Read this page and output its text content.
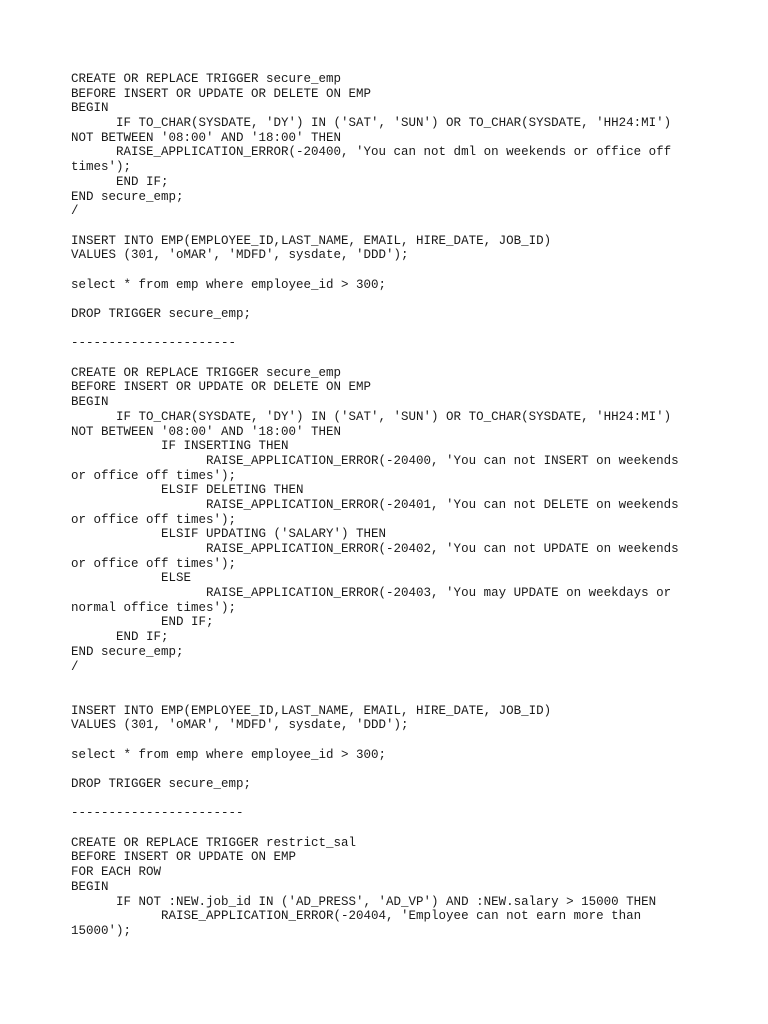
CREATE OR REPLACE TRIGGER secure_emp
BEFORE INSERT OR UPDATE OR DELETE ON EMP
BEGIN
IF TO_CHAR(SYSDATE, 'DY') IN ('SAT', 'SUN') OR TO_CHAR(SYSDATE, 'HH24:MI')
NOT BETWEEN '08:00' AND '18:00' THEN
RAISE_APPLICATION_ERROR(-20400, 'You can not dml on weekends or office off
times');
END IF;
END secure_emp;
/
INSERT INTO EMP(EMPLOYEE_ID,LAST_NAME, EMAIL, HIRE_DATE, JOB_ID)
VALUES (301, 'oMAR', 'MDFD', sysdate, 'DDD');
select * from emp where employee_id > 300;
DROP TRIGGER secure_emp;
----------------------
CREATE OR REPLACE TRIGGER secure_emp
BEFORE INSERT OR UPDATE OR DELETE ON EMP
BEGIN
IF TO_CHAR(SYSDATE, 'DY') IN ('SAT', 'SUN') OR TO_CHAR(SYSDATE, 'HH24:MI')
NOT BETWEEN '08:00' AND '18:00' THEN
IF INSERTING THEN
RAISE_APPLICATION_ERROR(-20400, 'You can not INSERT on weekends
or office off times');
ELSIF DELETING THEN
RAISE_APPLICATION_ERROR(-20401, 'You can not DELETE on weekends
or office off times');
ELSIF UPDATING ('SALARY') THEN
RAISE_APPLICATION_ERROR(-20402, 'You can not UPDATE on weekends
or office off times');
ELSE
RAISE_APPLICATION_ERROR(-20403, 'You may UPDATE on weekdays or
normal office times');
END IF;
END IF;
END secure_emp;
/
INSERT INTO EMP(EMPLOYEE_ID,LAST_NAME, EMAIL, HIRE_DATE, JOB_ID)
VALUES (301, 'oMAR', 'MDFD', sysdate, 'DDD');
select * from emp where employee_id > 300;
DROP TRIGGER secure_emp;
-----------------------
CREATE OR REPLACE TRIGGER restrict_sal
BEFORE INSERT OR UPDATE ON EMP
FOR EACH ROW
BEGIN
IF NOT :NEW.job_id IN ('AD_PRESS', 'AD_VP') AND :NEW.salary > 15000 THEN
RAISE_APPLICATION_ERROR(-20404, 'Employee can not earn more than
15000');
